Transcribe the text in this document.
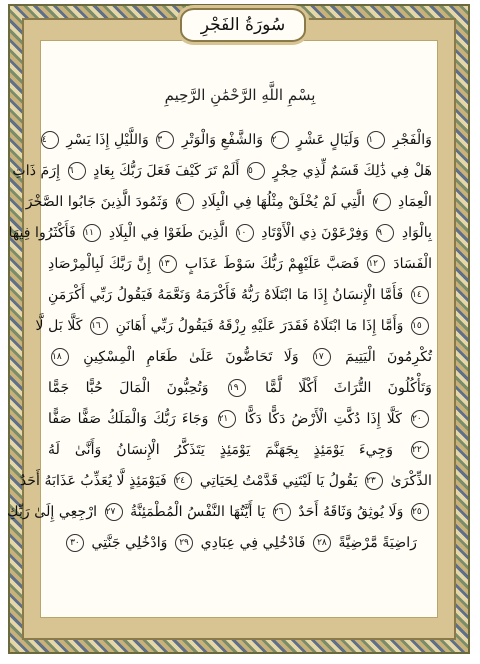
سُورَةُ الفَجْرِ
بِسْمِ اللَّهِ الرَّحْمَٰنِ الرَّحِيمِ
وَالْفَجْرِ ١ وَلَيَالٍ عَشْرٍ ٢ وَالشَّفْعِ وَالْوَتْرِ ٣ وَاللَّيْلِ إِذَا يَسْرِ ٤
هَلْ فِي ذَٰلِكَ قَسَمٌ لِّذِي حِجْرٍ ٥ أَلَمْ تَرَ كَيْفَ فَعَلَ رَبُّكَ بِعَادٍ ٦ إِرَمَ ذَاتِ
الْعِمَادِ ٧ الَّتِي لَمْ يُخْلَقْ مِثْلُهَا فِي الْبِلَادِ ٨ وَثَمُودَ الَّذِينَ جَابُوا الصَّخْرَ
بِالْوَادِ ٩ وَفِرْعَوْنَ ذِي الْأَوْتَادِ ١٠ الَّذِينَ طَغَوْا فِي الْبِلَادِ ١١ فَأَكْثَرُوا فِيهَا
الْفَسَادَ ١٢ فَصَبَّ عَلَيْهِمْ رَبُّكَ سَوْطَ عَذَابٍ ١٣ إِنَّ رَبَّكَ لَبِالْمِرْصَادِ
١٤ فَأَمَّا الْإِنسَانُ إِذَا مَا ابْتَلَاهُ رَبُّهُ فَأَكْرَمَهُ وَنَعَّمَهُ فَيَقُولُ رَبِّي أَكْرَمَنِ
١٥ وَأَمَّا إِذَا مَا ابْتَلَاهُ فَقَدَرَ عَلَيْهِ رِزْقَهُ فَيَقُولُ رَبِّي أَهَانَنِ ١٦ كَلَّا بَل لَّا
تُكْرِمُونَ الْيَتِيمَ ١٧ وَلَا تَحَاضُّونَ عَلَىٰ طَعَامِ الْمِسْكِينِ ١٨
وَتَأْكُلُونَ التُّرَاثَ أَكْلًا لَّمًّا ١٩ وَتُحِبُّونَ الْمَالَ حُبًّا جَمًّا
٢٠ كَلَّا إِذَا دُكَّتِ الْأَرْضُ دَكًّا دَكًّا ٢١ وَجَاءَ رَبُّكَ وَالْمَلَكُ صَفًّا صَفًّا
٢٢ وَجِيءَ يَوْمَئِذٍ بِجَهَنَّمَ يَوْمَئِذٍ يَتَذَكَّرُ الْإِنسَانُ وَأَنَّىٰ لَهُ
الذِّكْرَىٰ ٢٣ يَقُولُ يَا لَيْتَنِي قَدَّمْتُ لِحَيَاتِي ٢٤ فَيَوْمَئِذٍ لَّا يُعَذِّبُ عَذَابَهُ أَحَدٌ
٢٥ وَلَا يُوثِقُ وَثَاقَهُ أَحَدٌ ٢٦ يَا أَيَّتُهَا النَّفْسُ الْمُطْمَئِنَّةُ ٢٧ ارْجِعِي إِلَىٰ رَبِّكِ
رَاضِيَةً مَّرْضِيَّةً ٢٨ فَادْخُلِي فِي عِبَادِي ٢٩ وَادْخُلِي جَنَّتِي ٣٠
